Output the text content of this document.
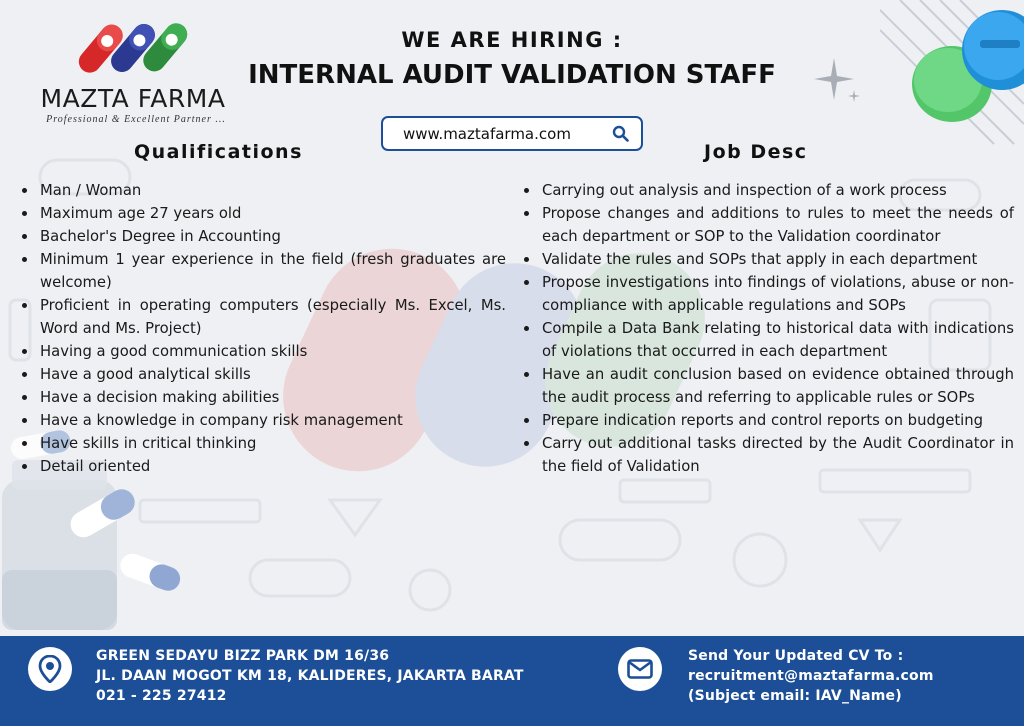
MAZTA FARMA
Professional & Excellent Partner ...
WE ARE HIRING :
INTERNAL AUDIT VALIDATION STAFF
www.maztafarma.com
Qualifications
Man / Woman
Maximum age 27 years old
Bachelor's Degree in Accounting
Minimum 1 year experience in the field (fresh graduates are welcome)
Proficient in operating computers (especially Ms. Excel, Ms. Word and Ms. Project)
Having a good communication skills
Have a good analytical skills
Have a decision making abilities
Have a knowledge in company risk management
Have skills in critical thinking
Detail oriented
Job Desc
Carrying out analysis and inspection of a work process
Propose changes and additions to rules to meet the needs of each department or SOP to the Validation coordinator
Validate the rules and SOPs that apply in each department
Propose investigations into findings of violations, abuse or non-compliance with applicable regulations and SOPs
Compile a Data Bank relating to historical data with indications of violations that occurred in each department
Have an audit conclusion based on evidence obtained through the audit process and referring to applicable rules or SOPs
Prepare indication reports and control reports on budgeting
Carry out additional tasks directed by the Audit Coordinator in the field of Validation
GREEN SEDAYU BIZZ PARK DM 16/36
JL. DAAN MOGOT KM 18, KALIDERES, JAKARTA BARAT
021 - 225 27412
Send Your Updated CV To :
recruitment@maztafarma.com
(Subject email: IAV_Name)
